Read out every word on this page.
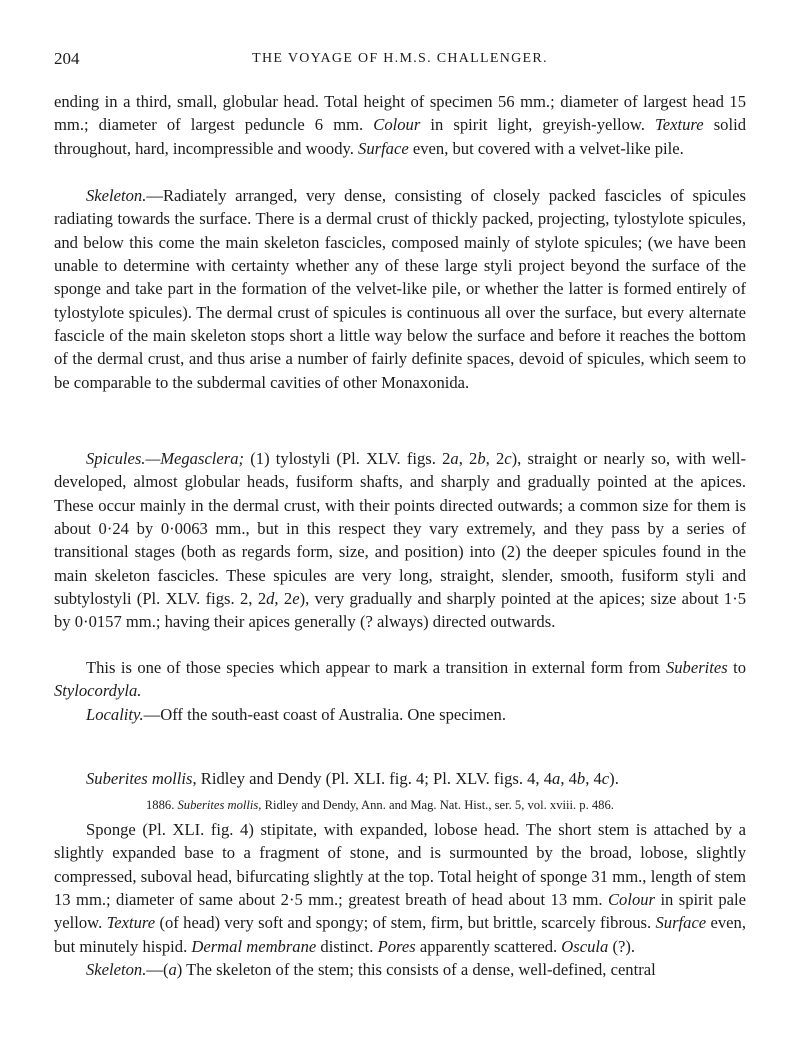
204	THE VOYAGE OF H.M.S. CHALLENGER.

ending in a third, small, globular head. Total height of specimen 56 mm.; diameter of largest head 15 mm.; diameter of largest peduncle 6 mm. Colour in spirit light, greyish-yellow. Texture solid throughout, hard, incompressible and woody. Surface even, but covered with a velvet-like pile.

Skeleton.—Radiately arranged, very dense, consisting of closely packed fascicles of spicules radiating towards the surface. There is a dermal crust of thickly packed, projecting, tylostylote spicules, and below this come the main skeleton fascicles, composed mainly of stylote spicules; (we have been unable to determine with certainty whether any of these large styli project beyond the surface of the sponge and take part in the formation of the velvet-like pile, or whether the latter is formed entirely of tylostylote spicules). The dermal crust of spicules is continuous all over the surface, but every alternate fascicle of the main skeleton stops short a little way below the surface and before it reaches the bottom of the dermal crust, and thus arise a number of fairly definite spaces, devoid of spicules, which seem to be comparable to the subdermal cavities of other Monaxonida.

Spicules.—Megasclera; (1) tylostyli (Pl. XLV. figs. 2a, 2b, 2c), straight or nearly so, with well-developed, almost globular heads, fusiform shafts, and sharply and gradually pointed at the apices. These occur mainly in the dermal crust, with their points directed outwards; a common size for them is about 0·24 by 0·0063 mm., but in this respect they vary extremely, and they pass by a series of transitional stages (both as regards form, size, and position) into (2) the deeper spicules found in the main skeleton fascicles. These spicules are very long, straight, slender, smooth, fusiform styli and subtylostyli (Pl. XLV. figs. 2, 2d, 2e), very gradually and sharply pointed at the apices; size about 1·5 by 0·0157 mm.; having their apices generally (? always) directed outwards.

This is one of those species which appear to mark a transition in external form from Suberites to Stylocordyla.

Locality.—Off the south-east coast of Australia. One specimen.

Suberites mollis, Ridley and Dendy (Pl. XLI. fig. 4; Pl. XLV. figs. 4, 4a, 4b, 4c).

1886. Suberites mollis, Ridley and Dendy, Ann. and Mag. Nat. Hist., ser. 5, vol. xviii. p. 486.

Sponge (Pl. XLI. fig. 4) stipitate, with expanded, lobose head. The short stem is attached by a slightly expanded base to a fragment of stone, and is surmounted by the broad, lobose, slightly compressed, suboval head, bifurcating slightly at the top. Total height of sponge 31 mm., length of stem 13 mm.; diameter of same about 2·5 mm.; greatest breath of head about 13 mm. Colour in spirit pale yellow. Texture (of head) very soft and spongy; of stem, firm, but brittle, scarcely fibrous. Surface even, but minutely hispid. Dermal membrane distinct. Pores apparently scattered. Oscula (?).
Skeleton.—(a) The skeleton of the stem; this consists of a dense, well-defined, central
